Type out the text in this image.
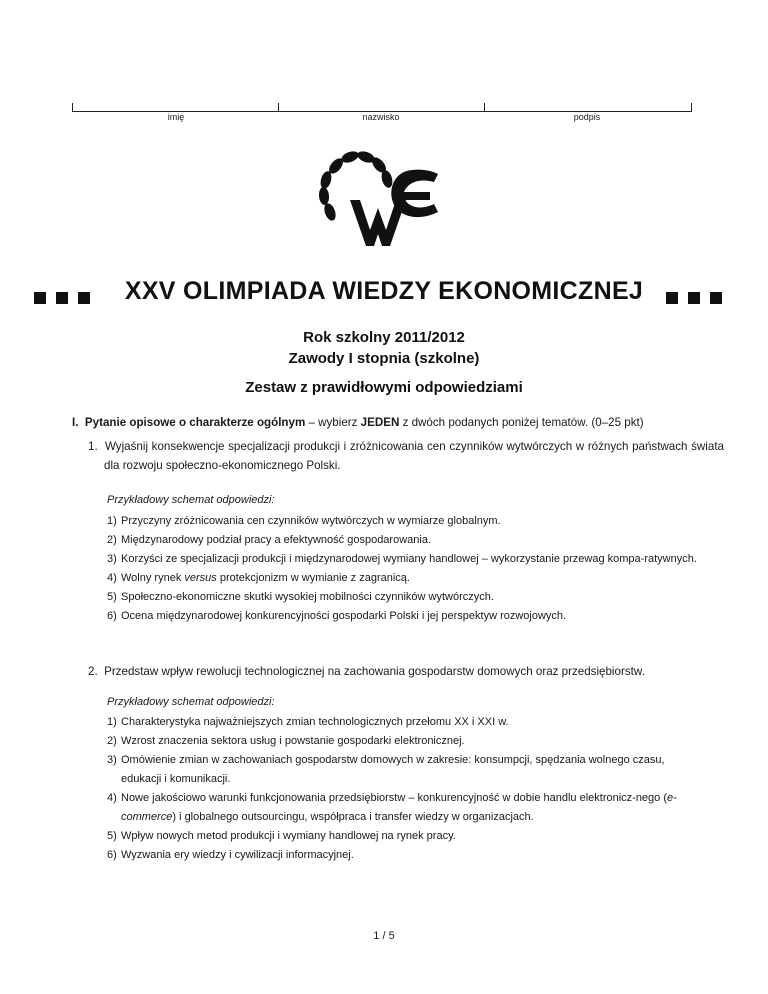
imię	nazwisko	podpis
XXV OLIMPIADA WIEDZY EKONOMICZNEJ
Rok szkolny 2011/2012
Zawody I stopnia (szkolne)
Zestaw z prawidłowymi odpowiedziami
I. Pytanie opisowe o charakterze ogólnym – wybierz JEDEN z dwóch podanych poniżej tematów. (0–25 pkt)
1. Wyjaśnij konsekwencje specjalizacji produkcji i zróżnicowania cen czynników wytwórczych w różnych państwach świata dla rozwoju społeczno-ekonomicznego Polski.
Przykładowy schemat odpowiedzi:
1) Przyczyny zróżnicowania cen czynników wytwórczych w wymiarze globalnym.
2) Międzynarodowy podział pracy a efektywność gospodarowania.
3) Korzyści ze specjalizacji produkcji i międzynarodowej wymiany handlowej – wykorzystanie przewag kompa-ratywnych.
4) Wolny rynek versus protekcjonizm w wymianie z zagranicą.
5) Społeczno-ekonomiczne skutki wysokiej mobilności czynników wytwórczych.
6) Ocena międzynarodowej konkurencyjności gospodarki Polski i jej perspektyw rozwojowych.
2. Przedstaw wpływ rewolucji technologicznej na zachowania gospodarstw domowych oraz przedsiębiorstw.
Przykładowy schemat odpowiedzi:
1) Charakterystyka najważniejszych zmian technologicznych przełomu XX i XXI w.
2) Wzrost znaczenia sektora usług i powstanie gospodarki elektronicznej.
3) Omówienie zmian w zachowaniach gospodarstw domowych w zakresie: konsumpcji, spędzania wolnego czasu, edukacji i komunikacji.
4) Nowe jakościowo warunki funkcjonowania przedsiębiorstw – konkurencyjność w dobie handlu elektronicz-nego (e-commerce) i globalnego outsourcingu, współpraca i transfer wiedzy w organizacjach.
5) Wpływ nowych metod produkcji i wymiany handlowej na rynek pracy.
6) Wyzwania ery wiedzy i cywilizacji informacyjnej.
1 / 5
